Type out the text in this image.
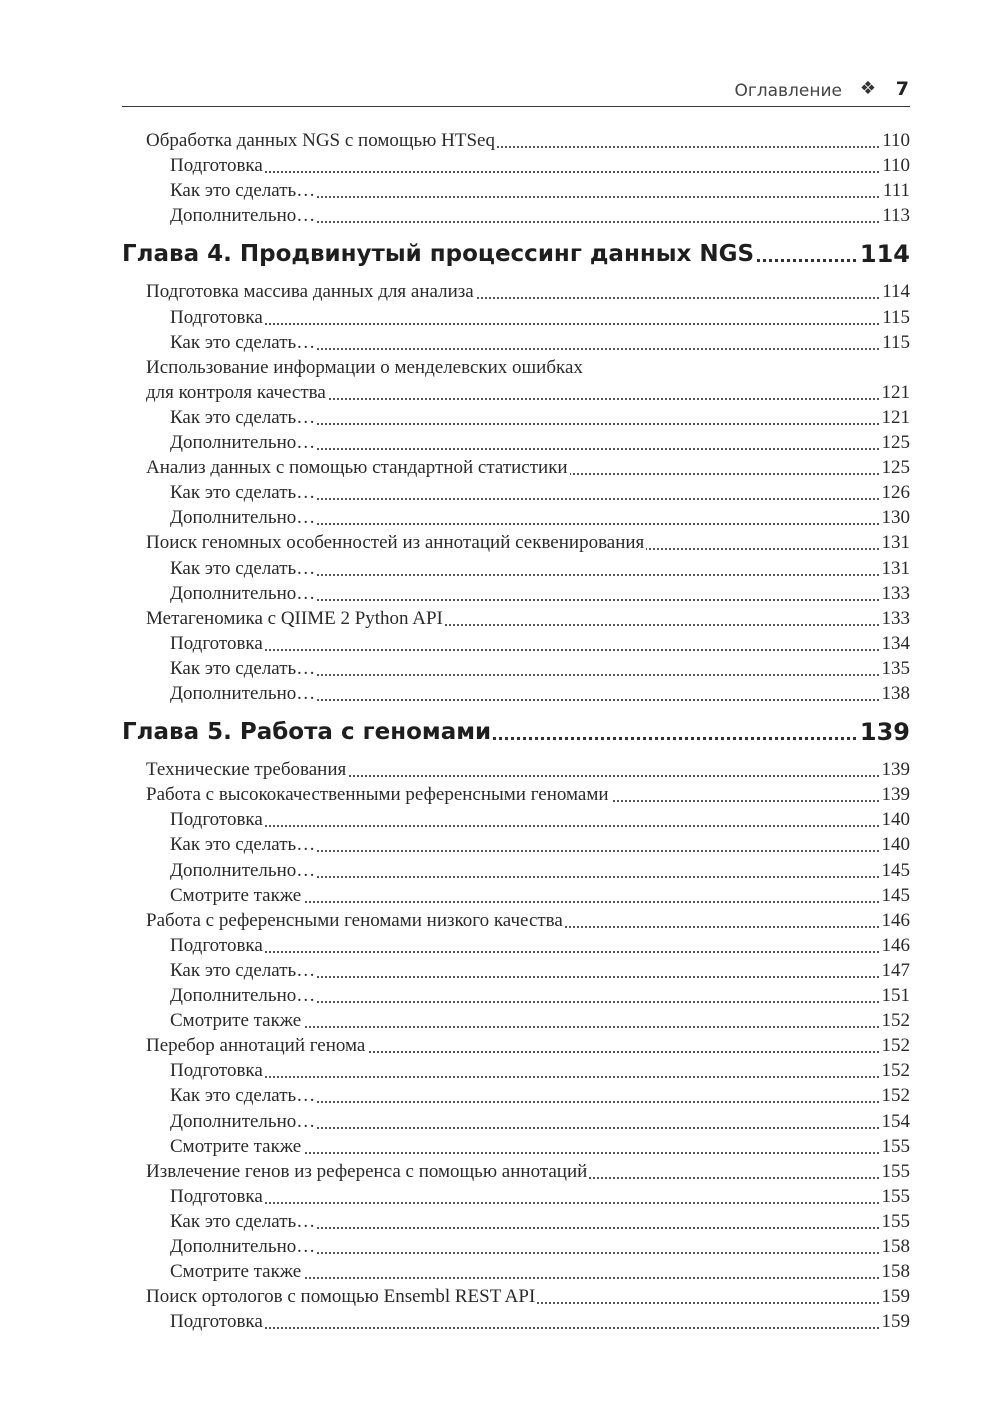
Оглавление ❖ 7
Обработка данных NGS с помощью HTSeq	110
Подготовка	110
Как это сделать…	111
Дополнительно…	113
Глава 4. Продвинутый процессинг данных NGS	114
Подготовка массива данных для анализа	114
Подготовка	115
Как это сделать…	115
Использование информации о менделевских ошибках
для контроля качества	121
Как это сделать…	121
Дополнительно…	125
Анализ данных с помощью стандартной статистики	125
Как это сделать…	126
Дополнительно…	130
Поиск геномных особенностей из аннотаций секвенирования	131
Как это сделать…	131
Дополнительно…	133
Метагеномика с QIIME 2 Python API	133
Подготовка	134
Как это сделать…	135
Дополнительно…	138
Глава 5. Работа с геномами	139
Технические требования	139
Работа с высококачественными референсными геномами	139
Подготовка	140
Как это сделать…	140
Дополнительно…	145
Смотрите также	145
Работа с референсными геномами низкого качества	146
Подготовка	146
Как это сделать…	147
Дополнительно…	151
Смотрите также	152
Перебор аннотаций генома	152
Подготовка	152
Как это сделать…	152
Дополнительно…	154
Смотрите также	155
Извлечение генов из референса с помощью аннотаций	155
Подготовка	155
Как это сделать…	155
Дополнительно…	158
Смотрите также	158
Поиск ортологов с помощью Ensembl REST API	159
Подготовка	159
